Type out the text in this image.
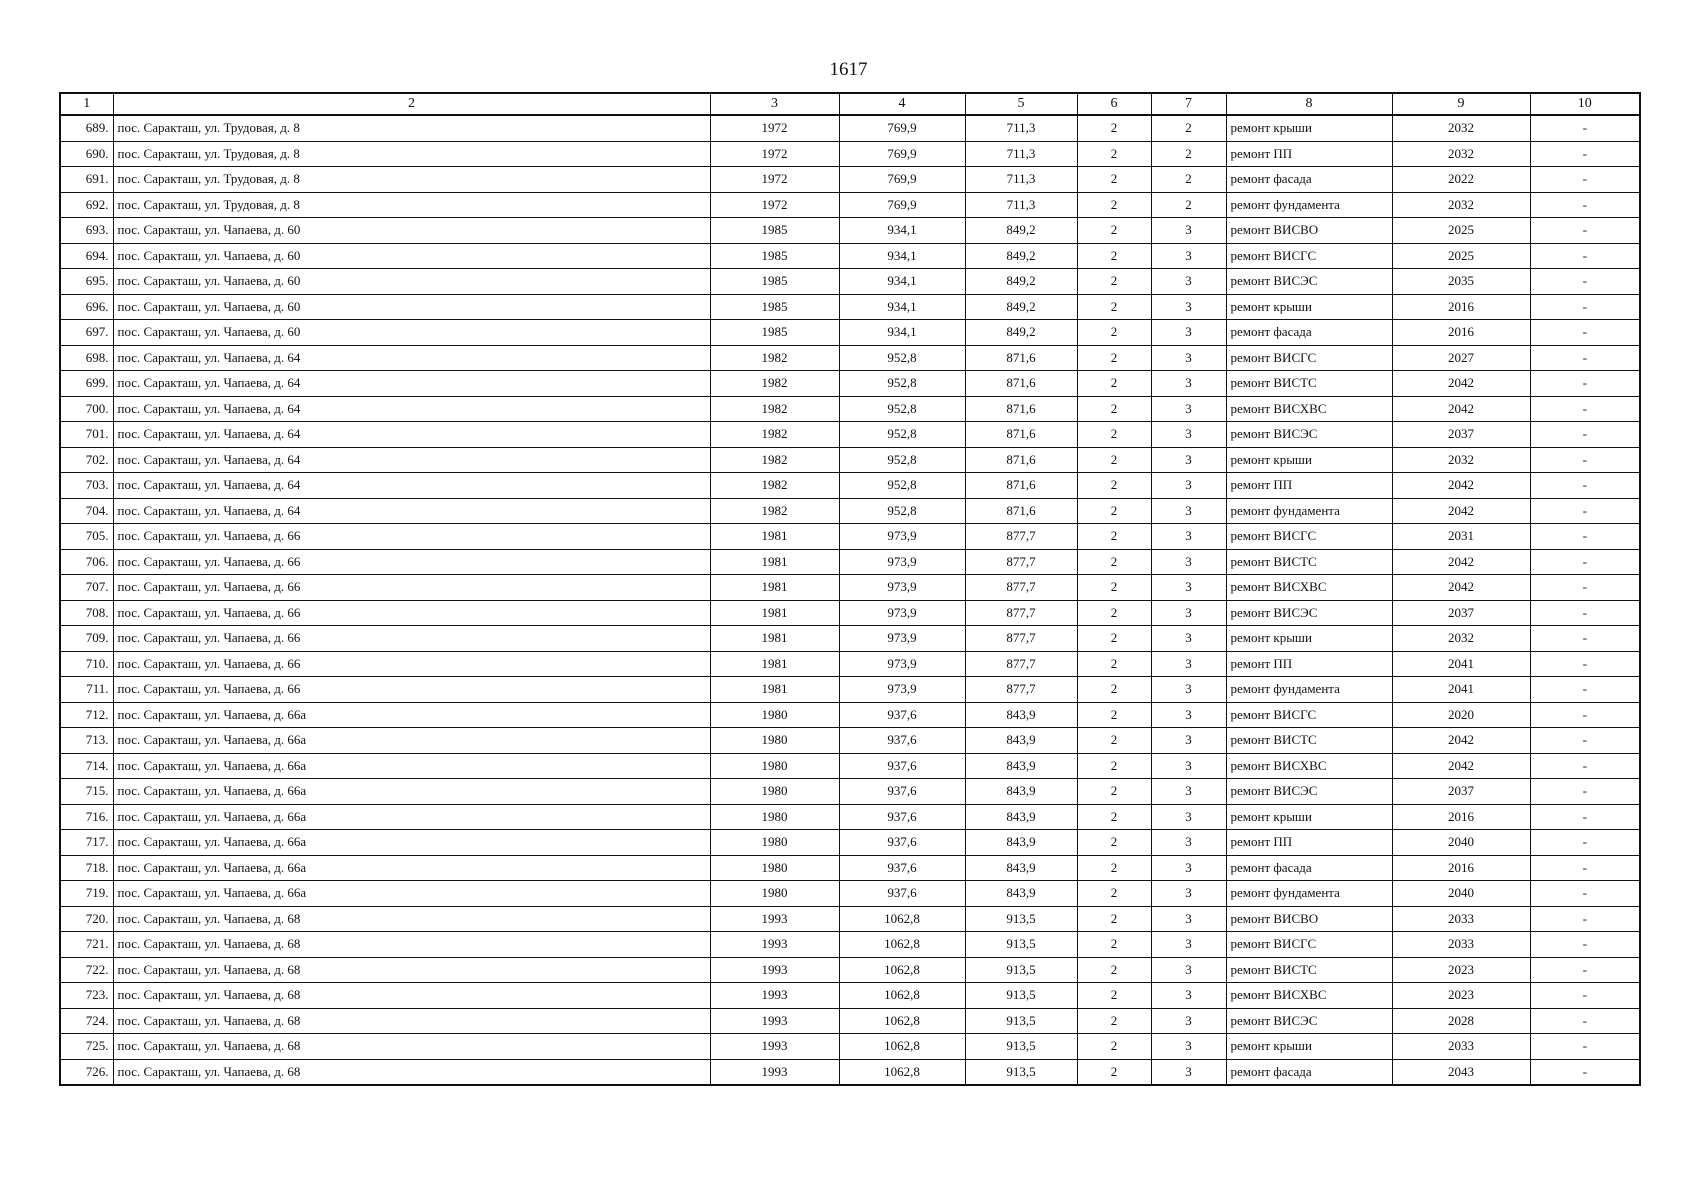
1617
1	2	3	4	5	6	7	8	9	10
689.	пос. Саракташ, ул. Трудовая, д. 8	1972	769,9	711,3	2	2	ремонт крыши	2032	-
690.	пос. Саракташ, ул. Трудовая, д. 8	1972	769,9	711,3	2	2	ремонт ПП	2032	-
691.	пос. Саракташ, ул. Трудовая, д. 8	1972	769,9	711,3	2	2	ремонт фасада	2022	-
692.	пос. Саракташ, ул. Трудовая, д. 8	1972	769,9	711,3	2	2	ремонт фундамента	2032	-
693.	пос. Саракташ, ул. Чапаева, д. 60	1985	934,1	849,2	2	3	ремонт ВИСВО	2025	-
694.	пос. Саракташ, ул. Чапаева, д. 60	1985	934,1	849,2	2	3	ремонт ВИСГС	2025	-
695.	пос. Саракташ, ул. Чапаева, д. 60	1985	934,1	849,2	2	3	ремонт ВИСЭС	2035	-
696.	пос. Саракташ, ул. Чапаева, д. 60	1985	934,1	849,2	2	3	ремонт крыши	2016	-
697.	пос. Саракташ, ул. Чапаева, д. 60	1985	934,1	849,2	2	3	ремонт фасада	2016	-
698.	пос. Саракташ, ул. Чапаева, д. 64	1982	952,8	871,6	2	3	ремонт ВИСГС	2027	-
699.	пос. Саракташ, ул. Чапаева, д. 64	1982	952,8	871,6	2	3	ремонт ВИСТС	2042	-
700.	пос. Саракташ, ул. Чапаева, д. 64	1982	952,8	871,6	2	3	ремонт ВИСХВС	2042	-
701.	пос. Саракташ, ул. Чапаева, д. 64	1982	952,8	871,6	2	3	ремонт ВИСЭС	2037	-
702.	пос. Саракташ, ул. Чапаева, д. 64	1982	952,8	871,6	2	3	ремонт крыши	2032	-
703.	пос. Саракташ, ул. Чапаева, д. 64	1982	952,8	871,6	2	3	ремонт ПП	2042	-
704.	пос. Саракташ, ул. Чапаева, д. 64	1982	952,8	871,6	2	3	ремонт фундамента	2042	-
705.	пос. Саракташ, ул. Чапаева, д. 66	1981	973,9	877,7	2	3	ремонт ВИСГС	2031	-
706.	пос. Саракташ, ул. Чапаева, д. 66	1981	973,9	877,7	2	3	ремонт ВИСТС	2042	-
707.	пос. Саракташ, ул. Чапаева, д. 66	1981	973,9	877,7	2	3	ремонт ВИСХВС	2042	-
708.	пос. Саракташ, ул. Чапаева, д. 66	1981	973,9	877,7	2	3	ремонт ВИСЭС	2037	-
709.	пос. Саракташ, ул. Чапаева, д. 66	1981	973,9	877,7	2	3	ремонт крыши	2032	-
710.	пос. Саракташ, ул. Чапаева, д. 66	1981	973,9	877,7	2	3	ремонт ПП	2041	-
711.	пос. Саракташ, ул. Чапаева, д. 66	1981	973,9	877,7	2	3	ремонт фундамента	2041	-
712.	пос. Саракташ, ул. Чапаева, д. 66а	1980	937,6	843,9	2	3	ремонт ВИСГС	2020	-
713.	пос. Саракташ, ул. Чапаева, д. 66а	1980	937,6	843,9	2	3	ремонт ВИСТС	2042	-
714.	пос. Саракташ, ул. Чапаева, д. 66а	1980	937,6	843,9	2	3	ремонт ВИСХВС	2042	-
715.	пос. Саракташ, ул. Чапаева, д. 66а	1980	937,6	843,9	2	3	ремонт ВИСЭС	2037	-
716.	пос. Саракташ, ул. Чапаева, д. 66а	1980	937,6	843,9	2	3	ремонт крыши	2016	-
717.	пос. Саракташ, ул. Чапаева, д. 66а	1980	937,6	843,9	2	3	ремонт ПП	2040	-
718.	пос. Саракташ, ул. Чапаева, д. 66а	1980	937,6	843,9	2	3	ремонт фасада	2016	-
719.	пос. Саракташ, ул. Чапаева, д. 66а	1980	937,6	843,9	2	3	ремонт фундамента	2040	-
720.	пос. Саракташ, ул. Чапаева, д. 68	1993	1062,8	913,5	2	3	ремонт ВИСВО	2033	-
721.	пос. Саракташ, ул. Чапаева, д. 68	1993	1062,8	913,5	2	3	ремонт ВИСГС	2033	-
722.	пос. Саракташ, ул. Чапаева, д. 68	1993	1062,8	913,5	2	3	ремонт ВИСТС	2023	-
723.	пос. Саракташ, ул. Чапаева, д. 68	1993	1062,8	913,5	2	3	ремонт ВИСХВС	2023	-
724.	пос. Саракташ, ул. Чапаева, д. 68	1993	1062,8	913,5	2	3	ремонт ВИСЭС	2028	-
725.	пос. Саракташ, ул. Чапаева, д. 68	1993	1062,8	913,5	2	3	ремонт крыши	2033	-
726.	пос. Саракташ, ул. Чапаева, д. 68	1993	1062,8	913,5	2	3	ремонт фасада	2043	-
